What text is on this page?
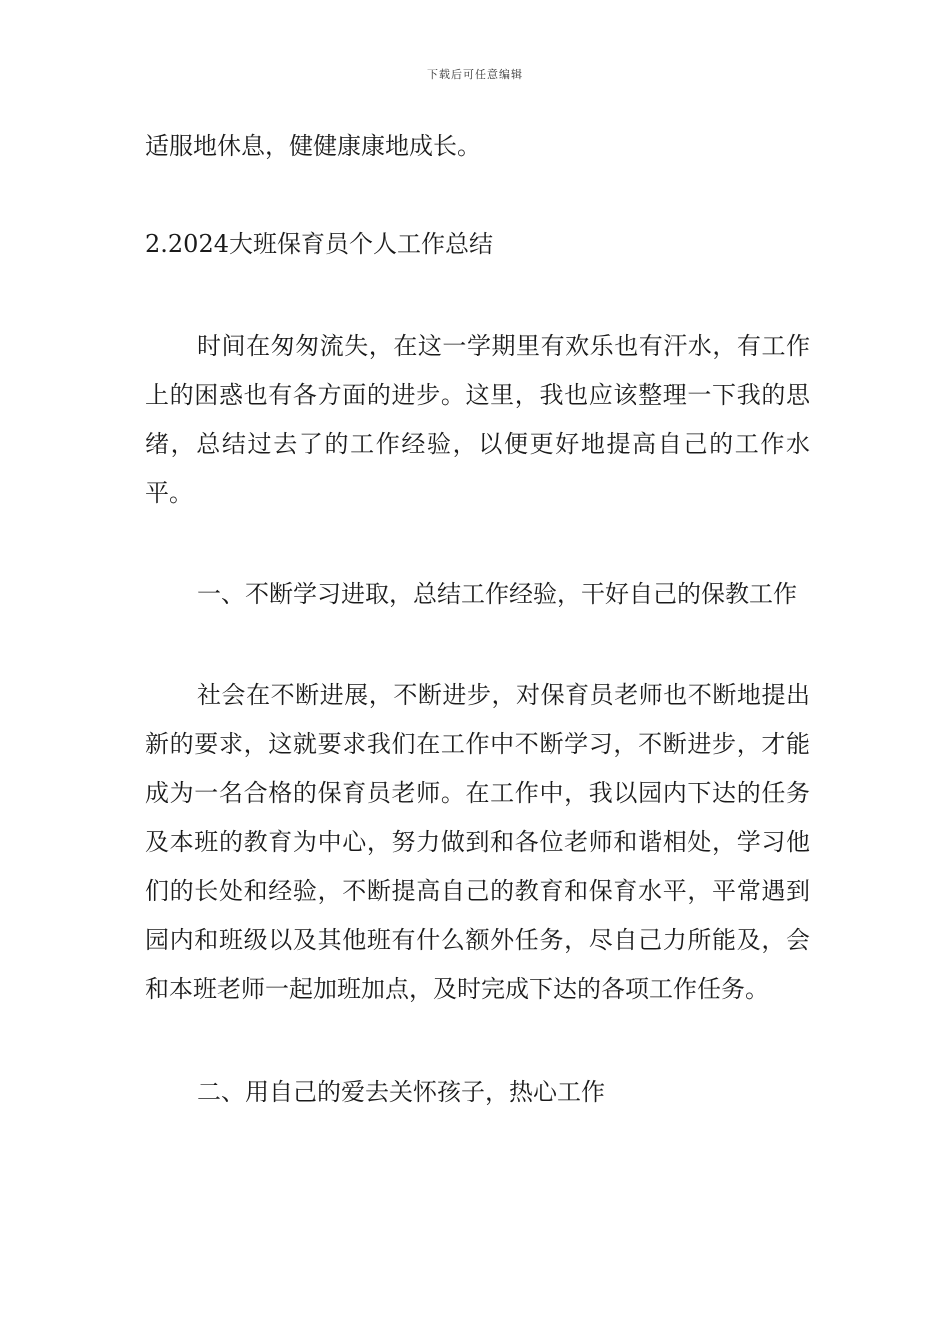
下载后可任意编辑

适服地休息，健健康康地成长。

2.2024大班保育员个人工作总结

时间在匆匆流失，在这一学期里有欢乐也有汗水，有工作上的困惑也有各方面的进步。这里，我也应该整理一下我的思绪，总结过去了的工作经验，以便更好地提高自己的工作水平。

一、不断学习进取，总结工作经验，干好自己的保教工作

社会在不断进展，不断进步，对保育员老师也不断地提出新的要求，这就要求我们在工作中不断学习，不断进步，才能成为一名合格的保育员老师。在工作中，我以园内下达的任务及本班的教育为中心，努力做到和各位老师和谐相处，学习他们的长处和经验，不断提高自己的教育和保育水平，平常遇到园内和班级以及其他班有什么额外任务，尽自己力所能及，会和本班老师一起加班加点，及时完成下达的各项工作任务。

二、用自己的爱去关怀孩子，热心工作
